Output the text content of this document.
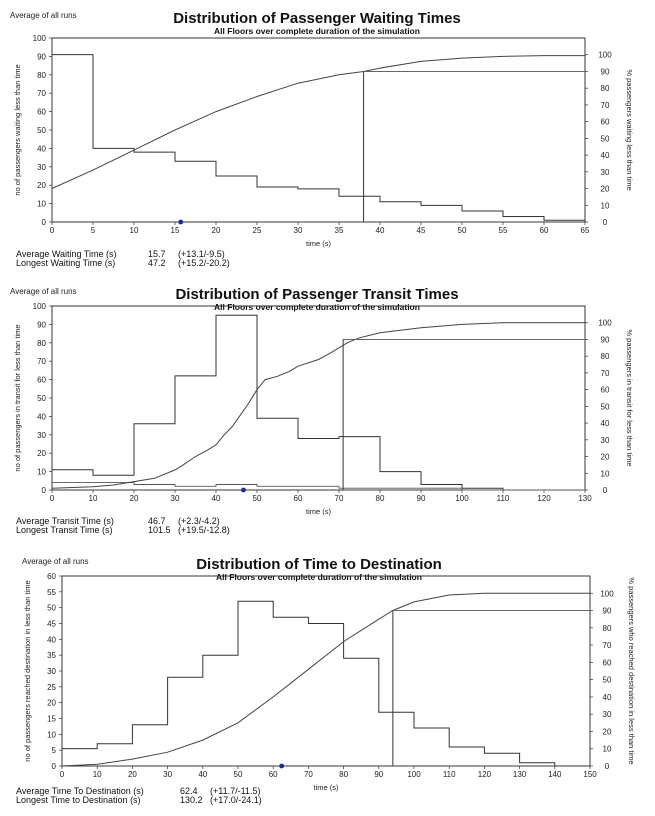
Average of all runs	Distribution of Passenger Waiting Times
All Floors over complete duration of the simulation
0	5	10	15	20	25	30	35	40	45	50	55	60	65
0
10
20
30
40
50
60
70
80
90
100
0
10
20
30
40
50
60
70
80
90
100
time (s)
no of passengers waiting less than time	% passengers waiting less than time
Average Waiting Time (s)	15.7 (+13.1/-9.5)
Longest Waiting Time (s)	47.2 (+15.2/-20.2)
Average of all runs	Distribution of Passenger Transit Times
All Floors over complete duration of the simulation
0	10	20	30	40	50	60	70	80	90	100	110	120	130
0
10
20
30
40
50
60
70
80
90
100
0
10
20
30
40
50
60
70
80
90
100
time (s)
no of passengers in transit for less than time	% passengers in transit for less than time
Average Transit Time (s)	46.7 (+2.3/-4.2)
Longest Transit Time (s)	101.5 (+19.5/-12.8)
Average of all runs	Distribution of Time to Destination
All Floors over complete duration of the simulation
0	10	20	30	40	50	60	70	80	90	100	110	120	130	140	150
0
5
10
15
20
25
30
35
40
45
50
55
60
0
10
20
30
40
50
60
70
80
90
100
time (s)
no of passengers reached destination in less than time	% passengers who reached destination in less than time
Average Time To Destination (s)	62.4 (+11.7/-11.5)
Longest Time to Destination (s)	130.2 (+17.0/-24.1)
